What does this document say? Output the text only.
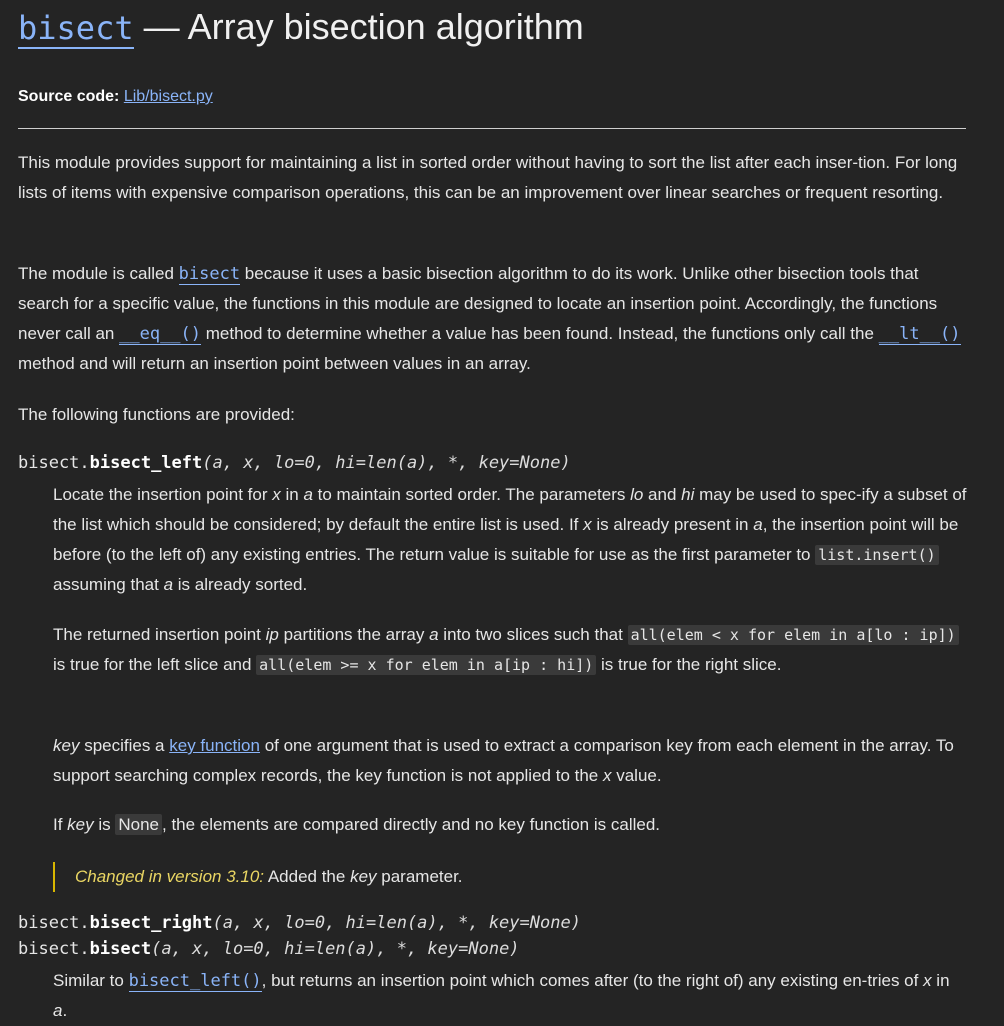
bisect — Array bisection algorithm
Source code: Lib/bisect.py

This module provides support for maintaining a list in sorted order without having to sort the list after each inser-tion. For long lists of items with expensive comparison operations, this can be an improvement over linear searches or frequent resorting.

The module is called bisect because it uses a basic bisection algorithm to do its work. Unlike other bisection tools that search for a specific value, the functions in this module are designed to locate an insertion point. Accordingly, the functions never call an __eq__() method to determine whether a value has been found. Instead, the functions only call the __lt__() method and will return an insertion point between values in an array.

The following functions are provided:

bisect.bisect_left(a, x, lo=0, hi=len(a), *, key=None)

Locate the insertion point for x in a to maintain sorted order. The parameters lo and hi may be used to spec-ify a subset of the list which should be considered; by default the entire list is used. If x is already present in a, the insertion point will be before (to the left of) any existing entries. The return value is suitable for use as the first parameter to list.insert() assuming that a is already sorted.

The returned insertion point ip partitions the array a into two slices such that all(elem < x for elem in a[lo : ip]) is true for the left slice and all(elem >= x for elem in a[ip : hi]) is true for the right slice.

key specifies a key function of one argument that is used to extract a comparison key from each element in the array. To support searching complex records, the key function is not applied to the x value.

If key is None , the elements are compared directly and no key function is called.

Changed in version 3.10: Added the key parameter.
bisect.bisect_right(a, x, lo=0, hi=len(a), *, key=None)
bisect.bisect(a, x, lo=0, hi=len(a), *, key=None)

Similar to bisect_left(), but returns an insertion point which comes after (to the right of) any existing en-tries of x in a.
